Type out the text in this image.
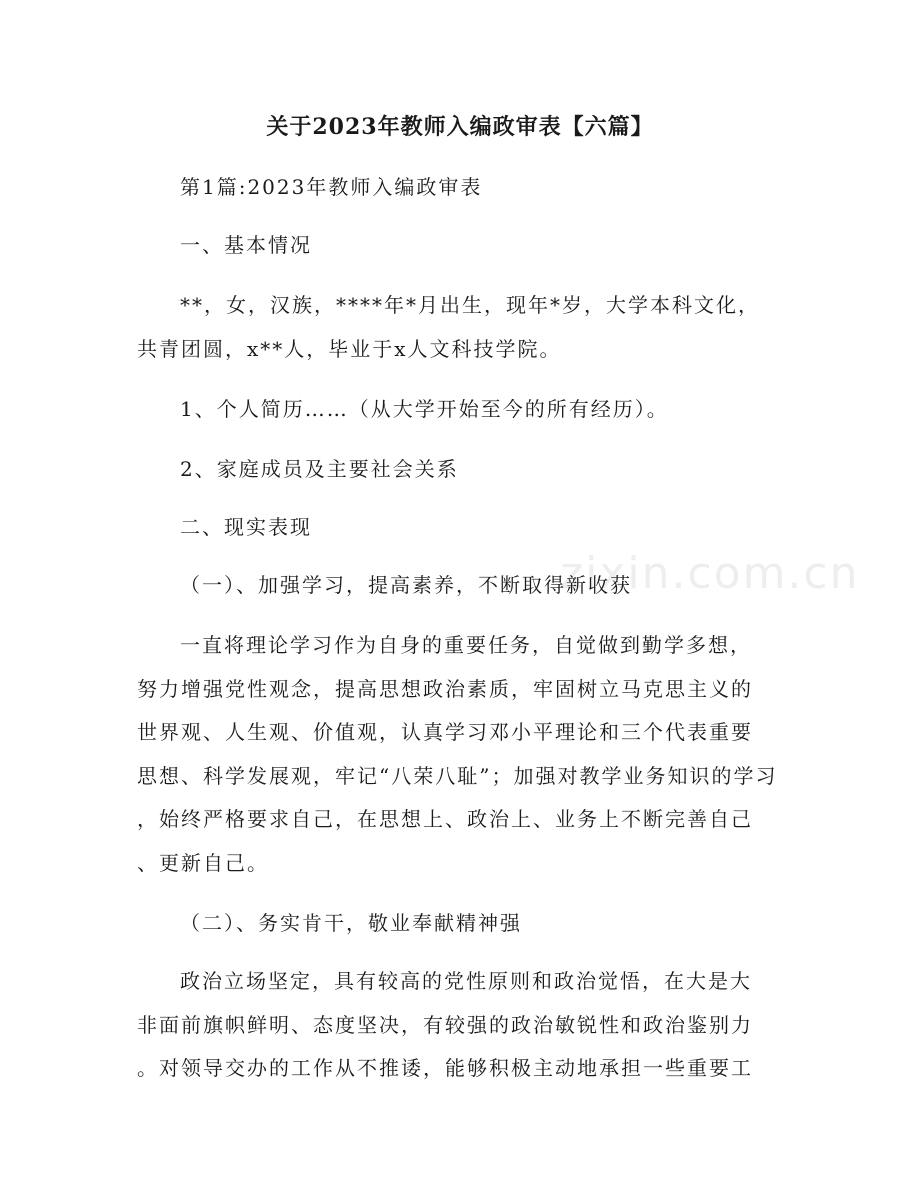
zixin.com.cn
关于2023年教师入编政审表【六篇】
第1篇:2023年教师入编政审表
一、基本情况
**，女，汉族，****年*月出生，现年*岁，大学本科文化，
共青团圆，x**人，毕业于x人文科技学院。
1、个人简历……（从大学开始至今的所有经历）。
2、家庭成员及主要社会关系
二、现实表现
（一）、加强学习，提高素养，不断取得新收获
一直将理论学习作为自身的重要任务，自觉做到勤学多想，
努力增强党性观念，提高思想政治素质，牢固树立马克思主义的
世界观、人生观、价值观，认真学习邓小平理论和三个代表重要
思想、科学发展观，牢记“八荣八耻”；加强对教学业务知识的学习
，始终严格要求自己，在思想上、政治上、业务上不断完善自己
、更新自己。
（二）、务实肯干，敬业奉献精神强
政治立场坚定，具有较高的党性原则和政治觉悟，在大是大
非面前旗帜鲜明、态度坚决，有较强的政治敏锐性和政治鉴别力
。对领导交办的工作从不推诿，能够积极主动地承担一些重要工
